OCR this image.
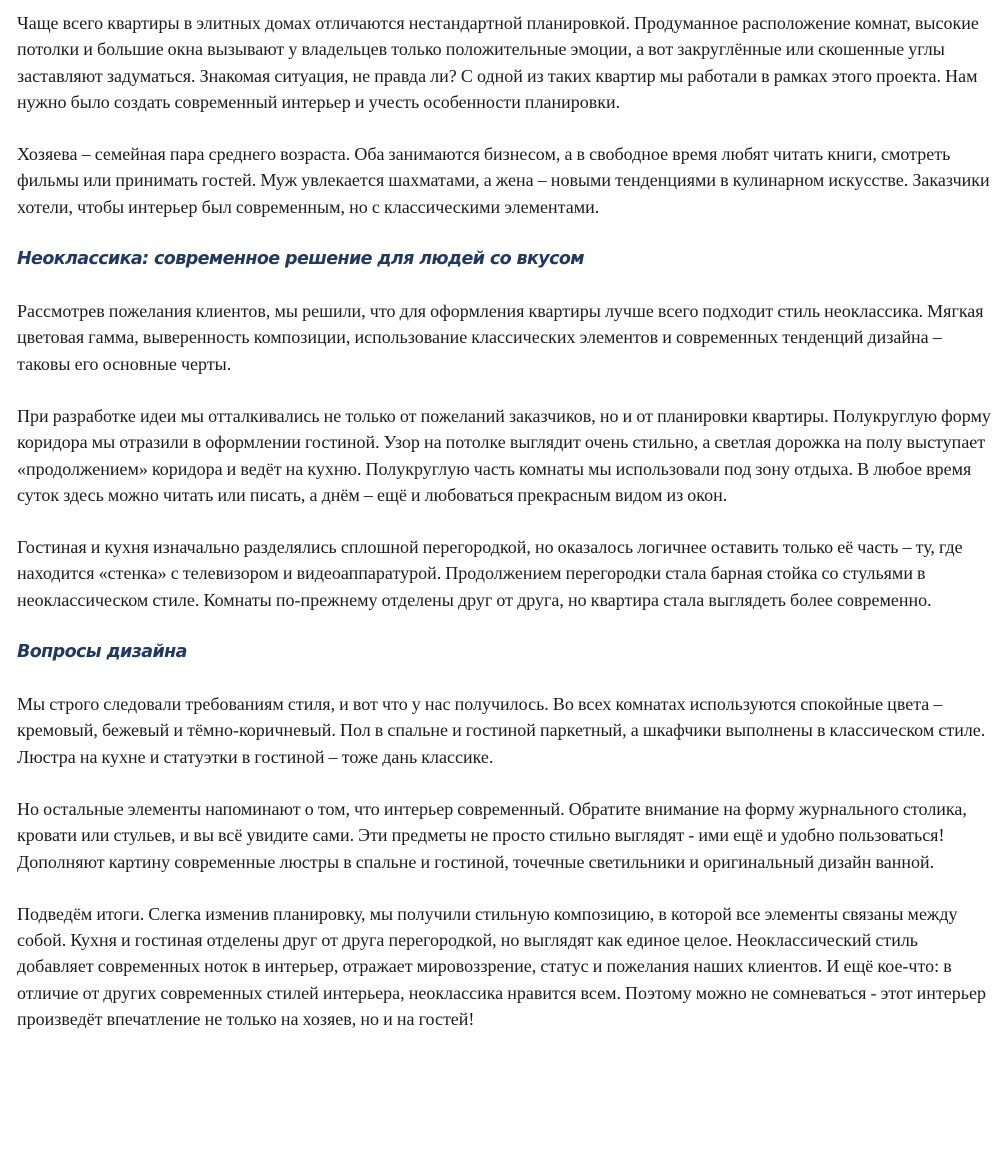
Чаще всего квартиры в элитных домах отличаются нестандартной планировкой. Продуманное расположение комнат, высокие потолки и большие окна вызывают у владельцев только положительные эмоции, а вот закруглённые или скошенные углы заставляют задуматься. Знакомая ситуация, не правда ли? С одной из таких квартир мы работали в рамках этого проекта. Нам нужно было создать современный интерьер и учесть особенности планировки.

Хозяева – семейная пара среднего возраста. Оба занимаются бизнесом, а в свободное время любят читать книги, смотреть фильмы или принимать гостей. Муж увлекается шахматами, а жена – новыми тенденциями в кулинарном искусстве. Заказчики хотели, чтобы интерьер был современным, но с классическими элементами.

Неоклассика: современное решение для людей со вкусом

Рассмотрев пожелания клиентов, мы решили, что для оформления квартиры лучше всего подходит стиль неоклассика. Мягкая цветовая гамма, выверенность композиции, использование классических элементов и современных тенденций дизайна – таковы его основные черты.

При разработке идеи мы отталкивались не только от пожеланий заказчиков, но и от планировки квартиры. Полукруглую форму коридора мы отразили в оформлении гостиной. Узор на потолке выглядит очень стильно, а светлая дорожка на полу выступает «продолжением» коридора и ведёт на кухню. Полукруглую часть комнаты мы использовали под зону отдыха. В любое время суток здесь можно читать или писать, а днём – ещё и любоваться прекрасным видом из окон.

Гостиная и кухня изначально разделялись сплошной перегородкой, но оказалось логичнее оставить только её часть – ту, где находится «стенка» с телевизором и видеоаппаратурой. Продолжением перегородки стала барная стойка со стульями в неоклассическом стиле. Комнаты по-прежнему отделены друг от друга, но квартира стала выглядеть более современно.

Вопросы дизайна

Мы строго следовали требованиям стиля, и вот что у нас получилось. Во всех комнатах используются спокойные цвета – кремовый, бежевый и тёмно-коричневый. Пол в спальне и гостиной паркетный, а шкафчики выполнены в классическом стиле. Люстра на кухне и статуэтки в гостиной – тоже дань классике.

Но остальные элементы напоминают о том, что интерьер современный. Обратите внимание на форму журнального столика, кровати или стульев, и вы всё увидите сами. Эти предметы не просто стильно выглядят - ими ещё и удобно пользоваться! Дополняют картину современные люстры в спальне и гостиной, точечные светильники и оригинальный дизайн ванной.

Подведём итоги. Слегка изменив планировку, мы получили стильную композицию, в которой все элементы связаны между собой. Кухня и гостиная отделены друг от друга перегородкой, но выглядят как единое целое. Неоклассический стиль добавляет современных ноток в интерьер, отражает мировоззрение, статус и пожелания наших клиентов. И ещё кое-что: в отличие от других современных стилей интерьера, неоклассика нравится всем. Поэтому можно не сомневаться - этот интерьер произведёт впечатление не только на хозяев, но и на гостей!
